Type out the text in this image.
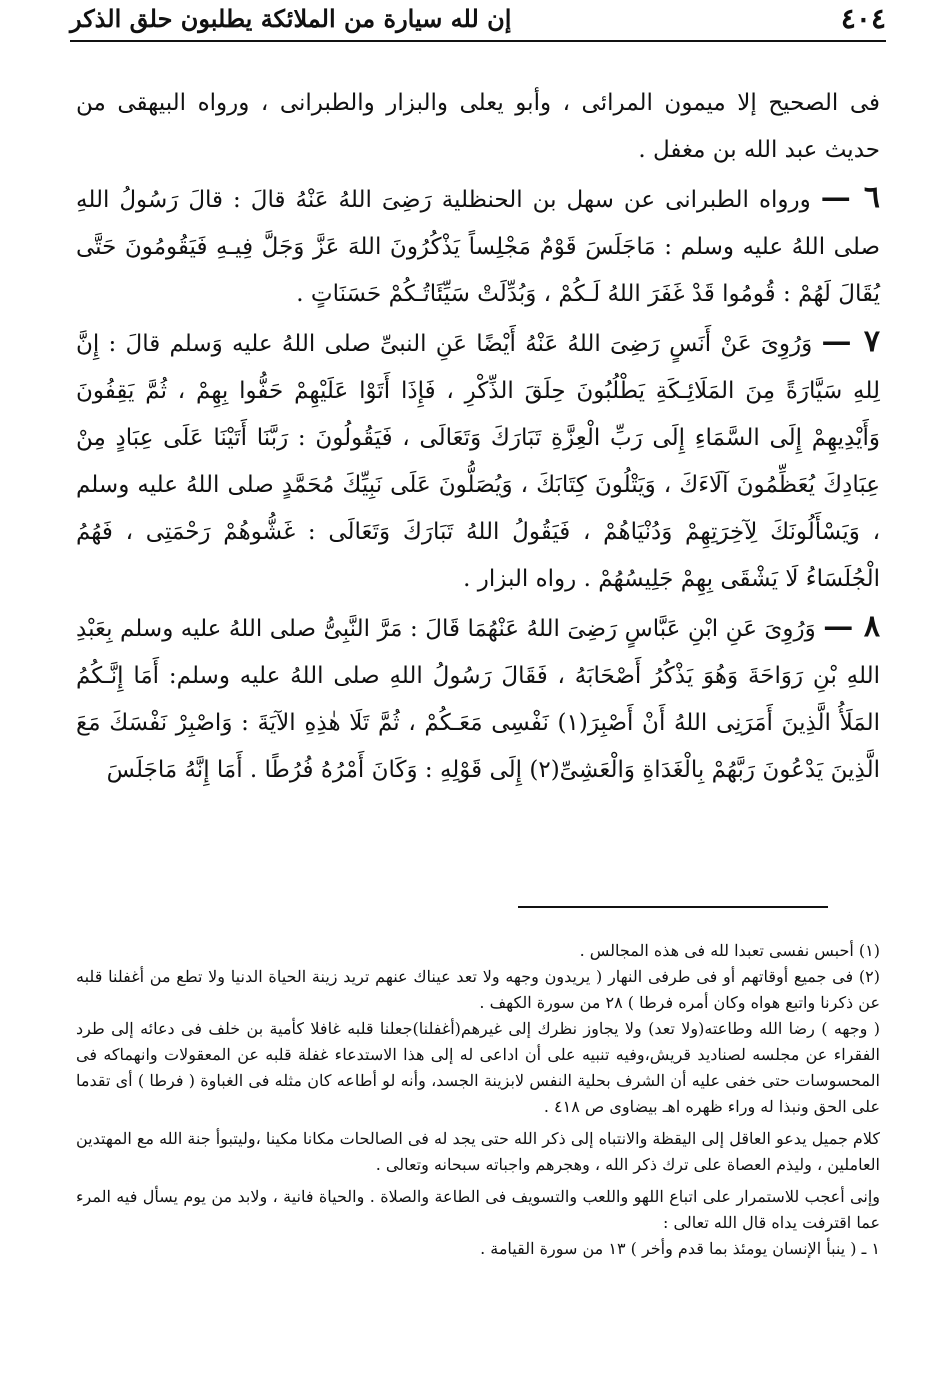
٤٠٤
إن لله سيارة من الملائكة يطلبون حلق الذكر

فى الصحيح إلا ميمون المرائى ، وأبو يعلى والبزار والطبرانى ، ورواه البيهقى من حديث عبد الله بن مغفل .

٦ — ورواه الطبرانى عن سهل بن الحنظلية رَضِىَ اللهُ عَنْهُ قالَ : قالَ رَسُولُ اللهِ صلى اللهُ عليه وسلم : مَاجَلَسَ قَوْمٌ مَجْلِساً يَذْكُرُونَ اللهَ عَزَّ وَجَلَّ فِيـهِ فَيَقُومُونَ حَتَّى يُقَالَ لَهُمْ : قُومُوا قَدْ غَفَرَ اللهُ لَـكُمْ ، وَبُدِّلَتْ سَيِّئَاتُـكُمْ حَسَنَاتٍ .

٧ — وَرُوِىَ عَنْ أَنَسٍ رَضِىَ اللهُ عَنْهُ أَيْضًا عَنِ النبىِّ صلى اللهُ عليه وَسلم قالَ : إِنَّ لِلهِ سَيَّارَةً مِنَ المَلَائِـكَةِ يَطْلُبُونَ حِلَقَ الذِّكْرِ ، فَإِذَا أَتَوْا عَلَيْهِمْ حَفُّوا بِهِمْ ، ثُمَّ يَقِفُونَ وَأَيْدِيهِمْ إِلَى السَّمَاءِ إِلَى رَبِّ الْعِزَّةِ تَبَارَكَ وَتَعَالَى ، فَيَقُولُونَ : رَبَّنَا أَتَيْنَا عَلَى عِبَادٍ مِنْ عِبَادِكَ يُعَظِّمُونَ آلَاءَكَ ، وَيَتْلُونَ كِتَابَكَ ، وَيُصَلُّونَ عَلَى نَبِيِّكَ مُحَمَّدٍ صلى اللهُ عليه وسلم ، وَيَسْأَلُونَكَ لِآخِرَتِهِمْ وَدُنْيَاهُمْ ، فَيَقُولُ اللهُ تَبَارَكَ وَتَعَالَى : غَشُّوهُمْ رَحْمَتِى ، فَهُمُ الْجُلَسَاءُ لَا يَشْقَى بِهِمْ جَلِيسُهُمْ . رواه البزار .

٨ — وَرُوِىَ عَنِ ابْنِ عَبَّاسٍ رَضِىَ اللهُ عَنْهُمَا قَالَ : مَرَّ النَّبِىُّ صلى اللهُ عليه وسلم بِعَبْدِ اللهِ بْنِ رَوَاحَةَ وَهُوَ يَذْكُرُ أَصْحَابَهُ ، فَقَالَ رَسُولُ اللهِ صلى اللهُ عليه وسلم: أَمَا إِنَّـكُمُ المَلَأُ الَّذِينَ أَمَرَنِى اللهُ أَنْ أَصْبِرَ(١) نَفْسِى مَعَـكُمْ ، ثُمَّ تَلَا هٰذِهِ الآيَةَ : وَاصْبِرْ نَفْسَكَ مَعَ الَّذِينَ يَدْعُونَ رَبَّهُمْ بِالْغَدَاةِ وَالْعَشِىِّ(٢) إِلَى قَوْلِهِ : وَكَانَ أَمْرُهُ فُرُطًا . أَمَا إِنَّهُ مَاجَلَسَ

(١) أحبس نفسى تعبدا لله فى هذه المجالس .

(٢) فى جميع أوقاتهم أو فى طرفى النهار ( يريدون وجهه ولا تعد عيناك عنهم تريد زينة الحياة الدنيا ولا تطع من أغفلنا قلبه عن ذكرنا واتبع هواه وكان أمره فرطا ) ٢٨ من سورة الكهف .

( وجهه ) رضا الله وطاعته(ولا تعد) ولا يجاوز نظرك إلى غيرهم(أغفلنا)جعلنا قلبه غافلا كأمية بن خلف فى دعائه إلى طرد الفقراء عن مجلسه لصناديد قريش،وفيه تنبيه على أن اداعى له إلى هذا الاستدعاء غفلة قلبه عن المعقولات وانهماكه فى المحسوسات حتى خفى عليه أن الشرف بحلية النفس لابزينة الجسد، وأنه لو أطاعه كان مثله فى الغباوة ( فرطا ) أى تقدما على الحق ونبذا له وراء ظهره اهـ بيضاوى ص ٤١٨ .

كلام جميل يدعو العاقل إلى اليقظة والانتباه إلى ذكر الله حتى يجد له فى الصالحات مكانا مكينا ،وليتبوأ جنة الله مع المهتدين العاملين ، وليذم العصاة على ترك ذكر الله ، وهجرهم واجباته سبحانه وتعالى .

وإنى أعجب للاستمرار على اتباع اللهو واللعب والتسويف فى الطاعة والصلاة . والحياة فانية ، ولابد من يوم يسأل فيه المرء عما اقترفت يداه قال الله تعالى :

١ ـ ( ينبأ الإنسان يومئذ بما قدم وأخر ) ١٣ من سورة القيامة .
